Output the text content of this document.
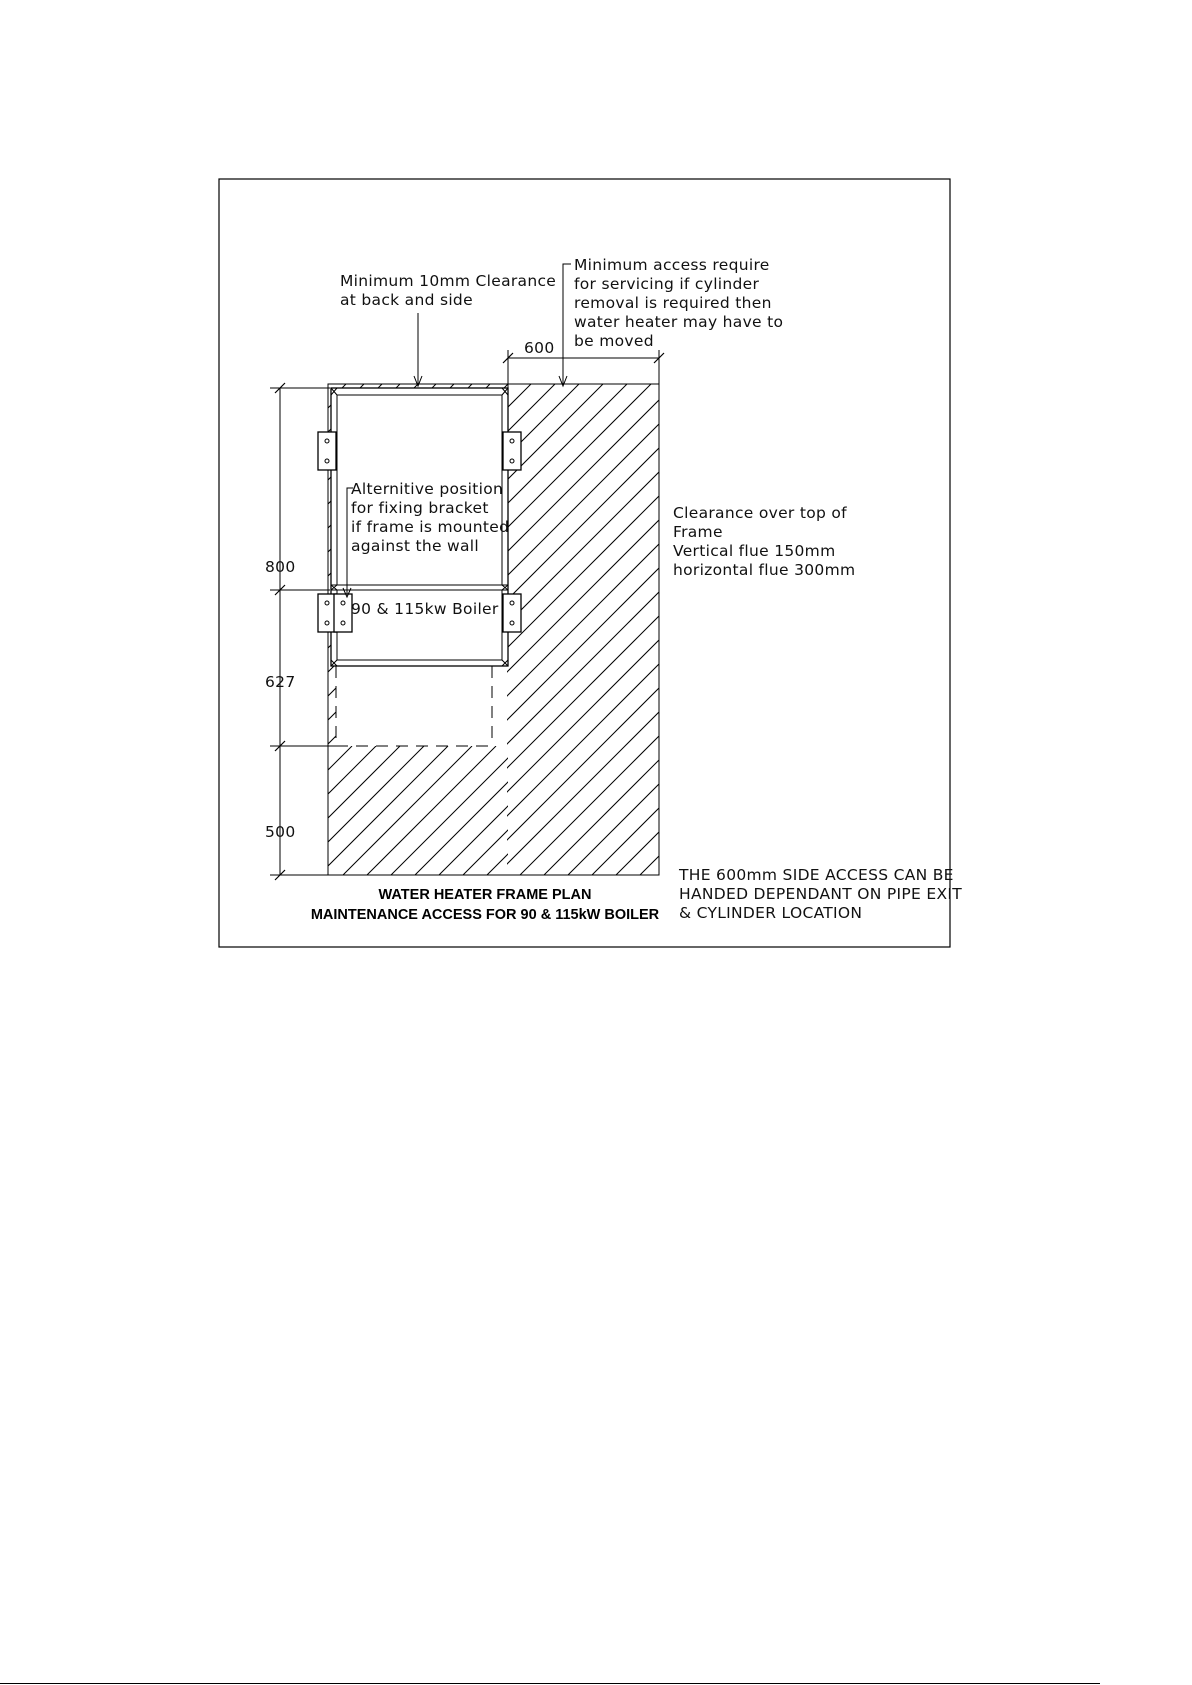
Minimum 10mm Clearance at back and side
Minimum access require for servicing if cylinder removal is required then water heater may have to be moved
Alternitive position for fixing bracket if frame is mounted against the wall
90 & 115kw Boiler
Clearance over top of Frame Vertical flue 150mm horizontal flue 300mm
THE 600mm SIDE ACCESS CAN BE HANDED DEPENDANT ON PIPE EXIT & CYLINDER LOCATION
600
800
627
500
WATER HEATER FRAME PLAN
MAINTENANCE ACCESS FOR 90 & 115kW BOILER
